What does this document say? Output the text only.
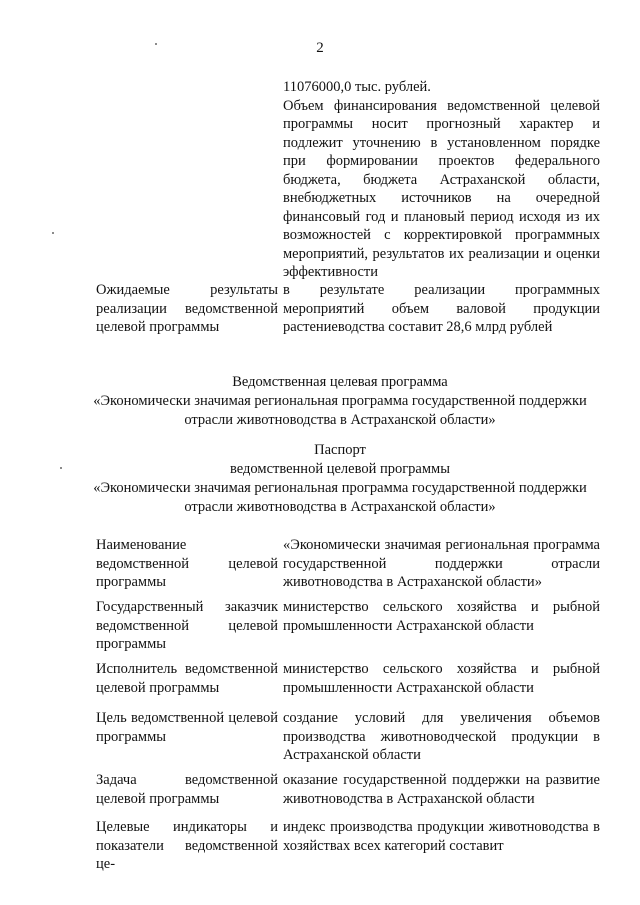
2

11076000,0 тыс. рублей.

Объем финансирования ведомственной целевой программы носит прогнозный характер и подлежит уточнению в установленном порядке при формировании проектов федерального бюджета, бюджета Астраханской области, внебюджетных источников на очередной финансовый год и плановый период исходя из их возможностей с корректировкой программных мероприятий, результатов их реализации и оценки эффективности

Ожидаемые результаты реализации ведомственной целевой программы
в результате реализации программных мероприятий объем валовой продукции растениеводства составит 28,6 млрд рублей
Ведомственная целевая программа
«Экономически значимая региональная программа государственной поддержки
отрасли животноводства в Астраханской области»
Паспорт
ведомственной целевой программы
«Экономически значимая региональная программа государственной поддержки
отрасли животноводства в Астраханской области»
Наименование ведомственной целевой программы
«Экономически значимая региональная программа государственной поддержки отрасли животноводства в Астраханской области»
Государственный заказчик ведомственной целевой программы
министерство сельского хозяйства и рыбной промышленности Астраханской области
Исполнитель ведомственной целевой программы
министерство сельского хозяйства и рыбной промышленности Астраханской области
Цель ведомственной целевой программы
создание условий для увеличения объемов производства животноводческой продукции в Астраханской области
Задача ведомственной целевой программы
оказание государственной поддержки на развитие животноводства в Астраханской области
Целевые индикаторы и показатели ведомственной це-
индекс производства продукции животноводства в хозяйствах всех категорий составит
